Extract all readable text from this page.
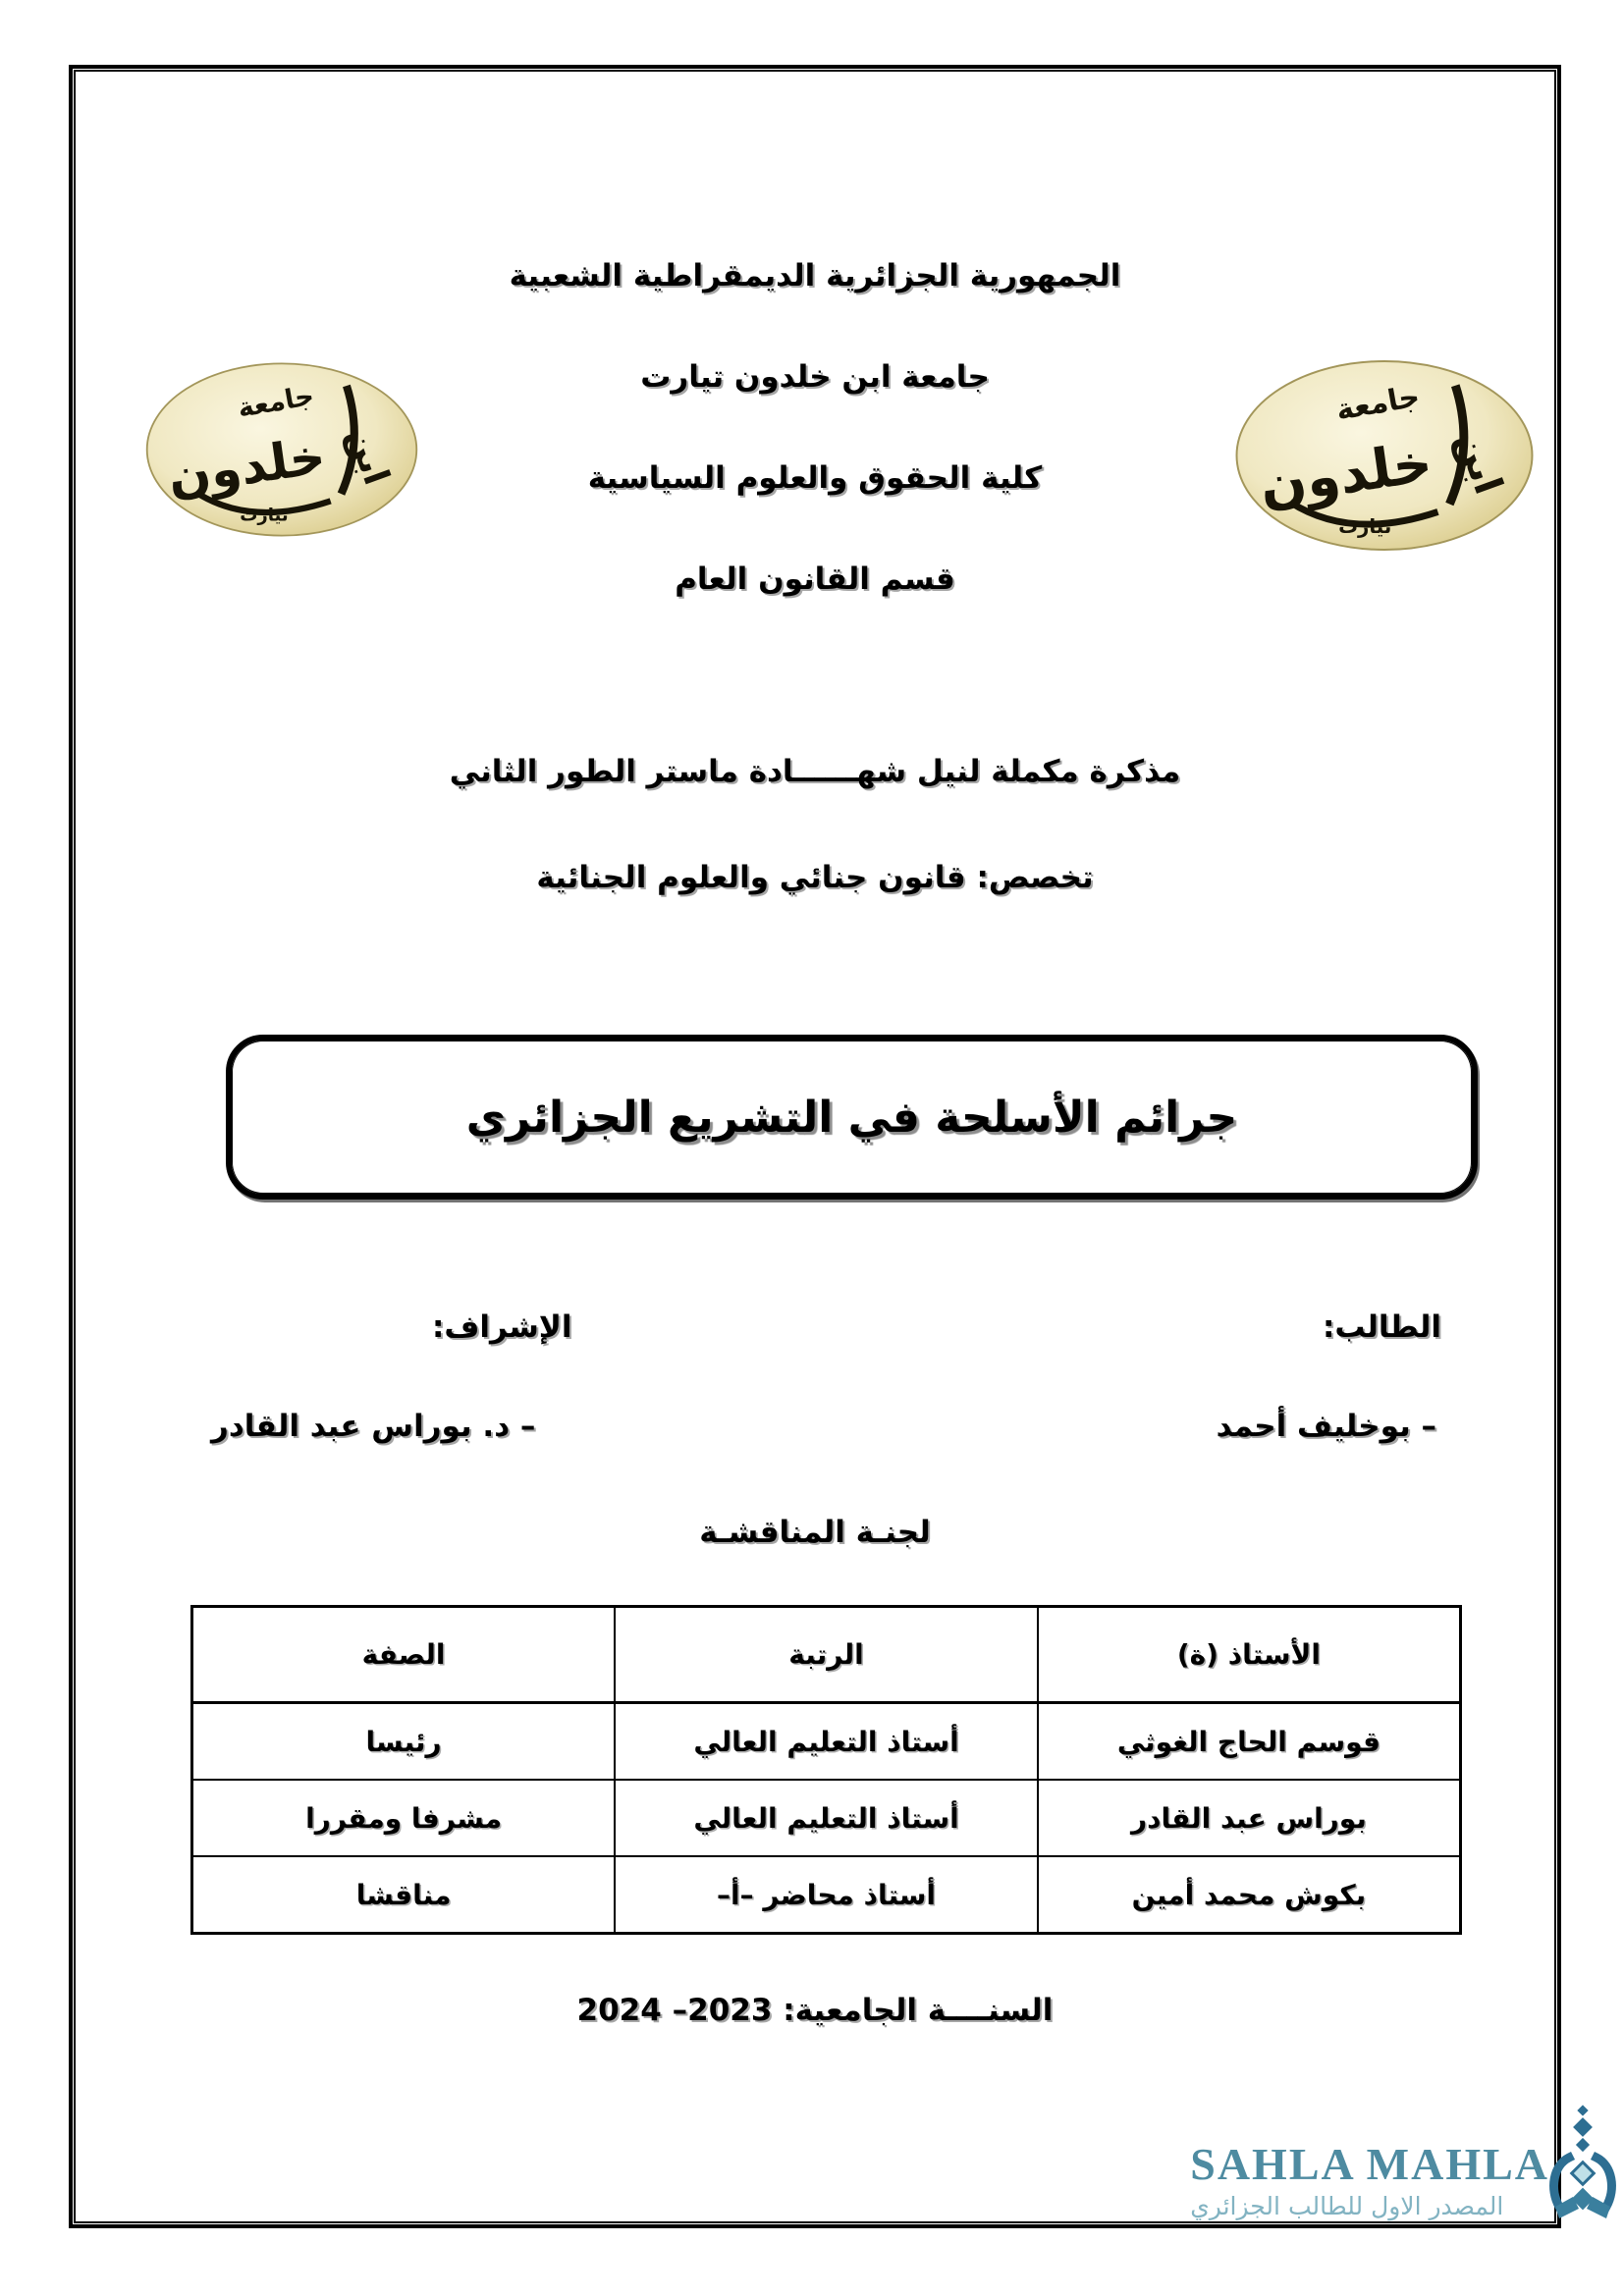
الجمهورية الجزائرية الديمقراطية الشعبية
جامعة ابن خلدون تيارت
كلية الحقوق والعلوم السياسية
قسم القانون العام
جامعة
خلدون ابن
تيارت
جامعة
خلدون ابن
تيارت
مذكرة مكملة لنيل شهــــــادة ماستر الطور الثاني
تخصص: قانون جنائي والعلوم الجنائية
جرائم الأسلحة في التشريع الجزائري
الطالب:
الإشراف:
– بوخليف أحمد
– د. بوراس عبد القادر
لجنـة المناقشـة
الأستاذ (ة)	الرتبة	الصفة
قوسم الحاج الغوثي	أستاذ التعليم العالي	رئيسا
بوراس عبد القادر	أستاذ التعليم العالي	مشرفا ومقررا
بكوش محمد أمين	أستاذ محاضر –أ–	مناقشا
السنــــة الجامعية: 2023– 2024
SAHLA MAHLA
المصدر الاول للطالب الجزائري
